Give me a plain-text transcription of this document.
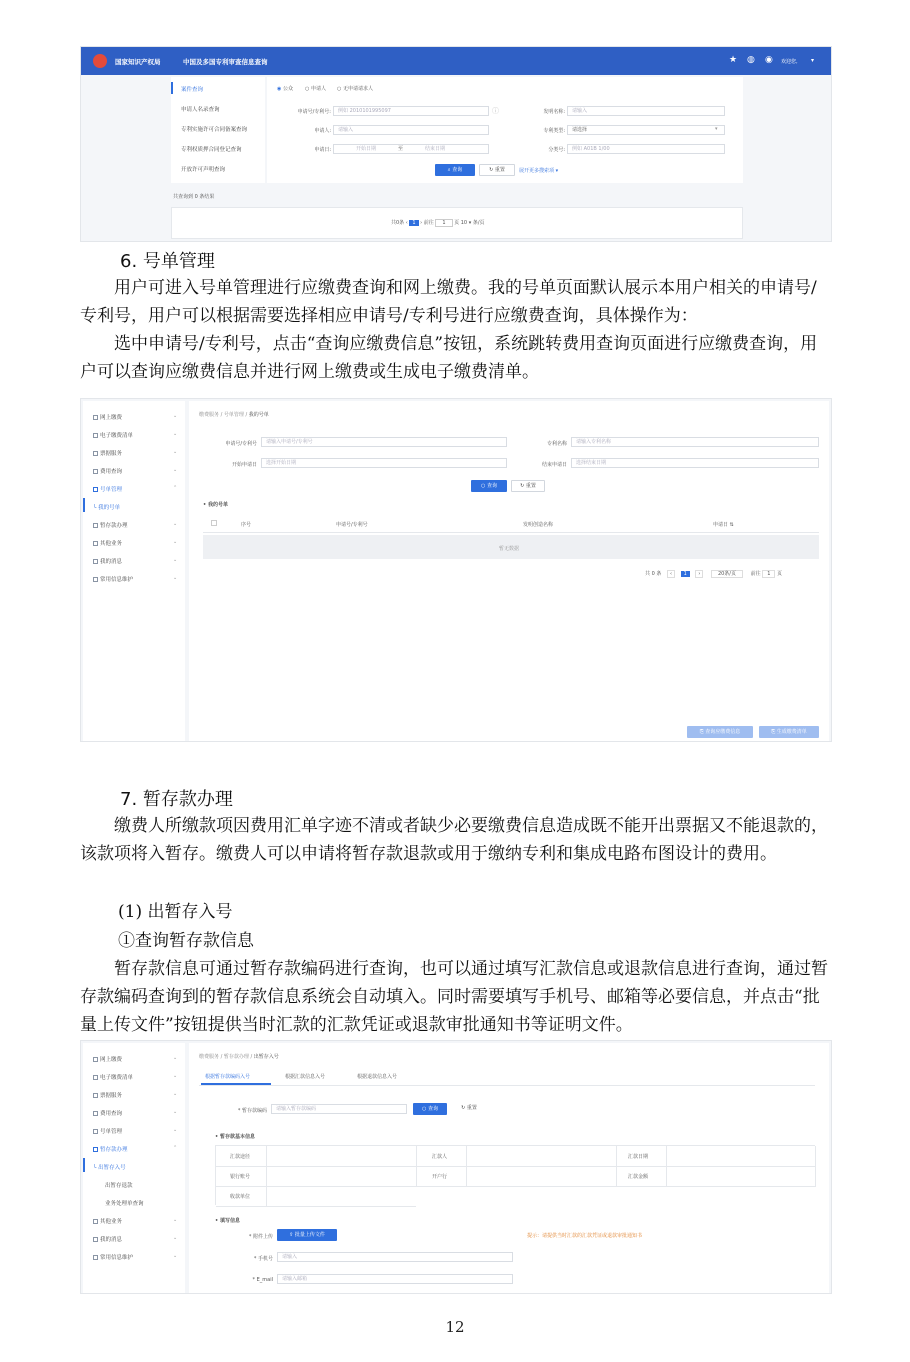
国家知识产权局	中国及多国专利审查信息查询	★ ◍ ◉ 欢迎您, ▾
案件查询
申请人名录查询
专利实施许可合同备案查询
专利权质押合同登记查询
开放许可声明查询
◉ 公众 ○ 申请人 ○ 无申请请求人
申请号/专利号:	例如 2010101995097	ⓘ	发明名称:	请输入
申请人:	请输入	专利类型:	请选择	▾
申请日:	开始日期	至	结束日期	分类号:	例如 A01B 1/00
⌕ 查询	↻ 重置	展开更多搜索项 ▾
共查询到 0 条结果
共0条 ‹ 1 › 前往 1 页 10 ▾ 条/页
6. 号单管理
用户可进入号单管理进行应缴费查询和网上缴费。我的号单页面默认展示本用户相关的申请号/专利号，用户可以根据需要选择相应申请号/专利号进行应缴费查询，具体操作为：
选中申请号/专利号，点击“查询应缴费信息”按钮，系统跳转费用查询页面进行应缴费查询，用户可以查询应缴费信息并进行网上缴费或生成电子缴费清单。
网上缴费	⌄
电子缴费清单	⌄
票据服务	⌄
费用查询	⌄
号单管理	⌃
└ 我的号单
暂存款办理	⌄
其他业务	⌄
我的消息	⌄
常用信息维护	⌄
缴费服务 / 号单管理 / 我的号单
申请号/专利号	请输入申请号/专利号	专利名称	请输入专利名称
开始申请日	选择开始日期	结束申请日	选择结束日期
○ 查询	↻ 重置
• 我的号单
序号	申请号/专利号	发明创造名称	申请日 ⇅
暂无数据
共 0 条 ‹ 1 ›	20条/页	前往 1 页
⎘ 查询应缴费信息	⎘ 生成缴费清单
7. 暂存款办理
缴费人所缴款项因费用汇单字迹不清或者缺少必要缴费信息造成既不能开出票据又不能退款的，该款项将入暂存。缴费人可以申请将暂存款退款或用于缴纳专利和集成电路布图设计的费用。
(1) 出暂存入号
①查询暂存款信息
暂存款信息可通过暂存款编码进行查询，也可以通过填写汇款信息或退款信息进行查询，通过暂存款编码查询到的暂存款信息系统会自动填入。同时需要填写手机号、邮箱等必要信息，并点击“批量上传文件”按钮提供当时汇款的汇款凭证或退款审批通知书等证明文件。
网上缴费	⌄
电子缴费清单	⌄
票据服务	⌄
费用查询	⌄
号单管理	⌄
暂存款办理	⌃
└ 出暂存入号
出暂存退款
业务处理单查询
其他业务	⌄
我的消息	⌄
常用信息维护	⌄
缴费服务 / 暂存款办理 / 出暂存入号
根据暂存款编码入号	根据汇款信息入号	根据退款信息入号
* 暂存款编码	请输入暂存款编码	○ 查询	↻ 重置
• 暂存款基本信息
汇款途径	汇款人	汇款日期
银行账号	开户行	汇款金额
收款单位
• 填写信息
* 附件上传	⇪ 批量上传文件	提示：请提供当时汇款的汇款凭证或退款审批通知书
* 手机号	请输入
* E_mail	请输入邮箱
12
